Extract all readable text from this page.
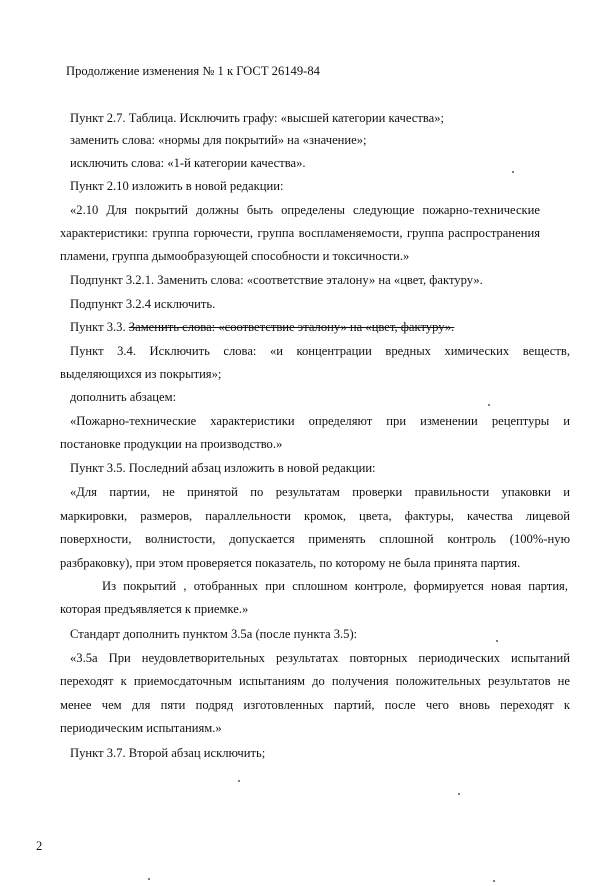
Продолжение изменения № 1 к ГОСТ 26149-84
Пункт 2.7. Таблица. Исключить графу: «высшей категории качества»;
заменить слова: «нормы для покрытий» на «значение»;
исключить слова: «1-й категории качества».
Пункт 2.10 изложить в новой редакции:
«2.10 Для покрытий должны быть определены следующие пожарно-технические
характеристики: группа горючести, группа воспламеняемости, группа распространения
пламени, группа дымообразующей способности и токсичности.»
Подпункт 3.2.1. Заменить слова: «соответствие эталону» на «цвет, фактуру».
Подпункт 3.2.4 исключить.
Пункт 3.3. Заменить слова: «соответствие эталону» на «цвет, фактуру».
Пункт 3.4. Исключить слова: «и концентрации вредных химических веществ,
выделяющихся из покрытия»;
дополнить абзацем:
«Пожарно-технические характеристики определяют при изменении рецептуры и
постановке продукции на производство.»
Пункт 3.5. Последний абзац изложить в новой редакции:
«Для партии, не принятой по результатам проверки правильности упаковки и
маркировки, размеров, параллельности кромок, цвета, фактуры, качества лицевой
поверхности, волнистости, допускается применять сплошной контроль (100%-ную
разбраковку), при этом проверяется показатель, по которому не была принята партия.
Из покрытий , отобранных при сплошном контроле, формируется новая партия,
которая предъявляется к приемке.»
Стандарт дополнить пунктом 3.5а (после пункта 3.5):
«3.5а При неудовлетворительных результатах повторных периодических испытаний
переходят к приемосдаточным испытаниям до получения положительных результатов не
менее чем для пяти подряд изготовленных партий, после чего вновь переходят к
периодическим испытаниям.»
Пункт 3.7. Второй абзац исключить;
2
